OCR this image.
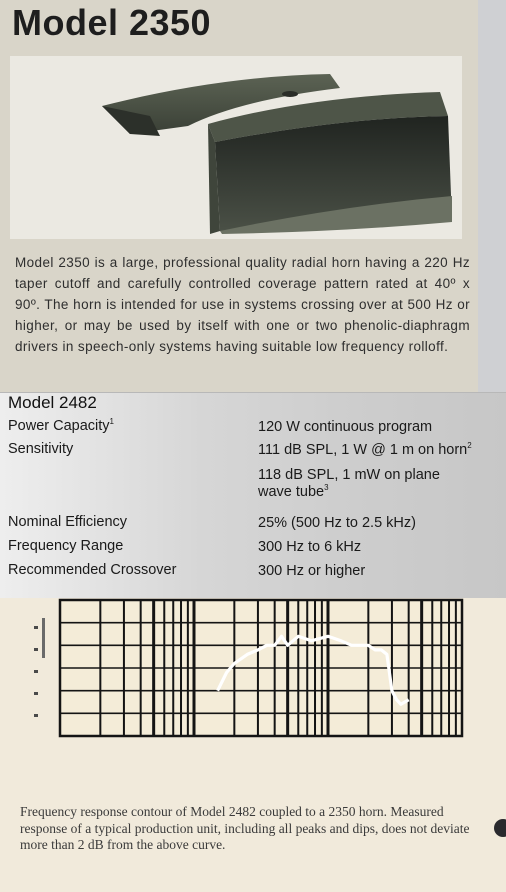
Model 2350
Model 2350 is a large, professional quality radial horn having a 220 Hz taper cutoff and carefully controlled coverage pattern rated at 40º x 90º. The horn is intended for use in systems crossing over at 500 Hz or higher, or may be used by itself with one or two phenolic-diaphragm drivers in speech-only systems having suitable low frequency rolloff.
Model 2482
Power Capacity$^1$	120 W continuous program
Sensitivity	111 dB SPL, 1 W @ 1 m on horn$^2$
118 dB SPL, 1 mW on plane wave tube$^3$
Nominal Efficiency	25% (500 Hz to 2.5 kHz)
Frequency Range	300 Hz to 6 kHz
Recommended Crossover	300 Hz or higher
Frequency response contour of Model 2482 coupled to a 2350 horn. Measured response of a typical production unit, including all peaks and dips, does not deviate more than 2 dB from the above curve.
